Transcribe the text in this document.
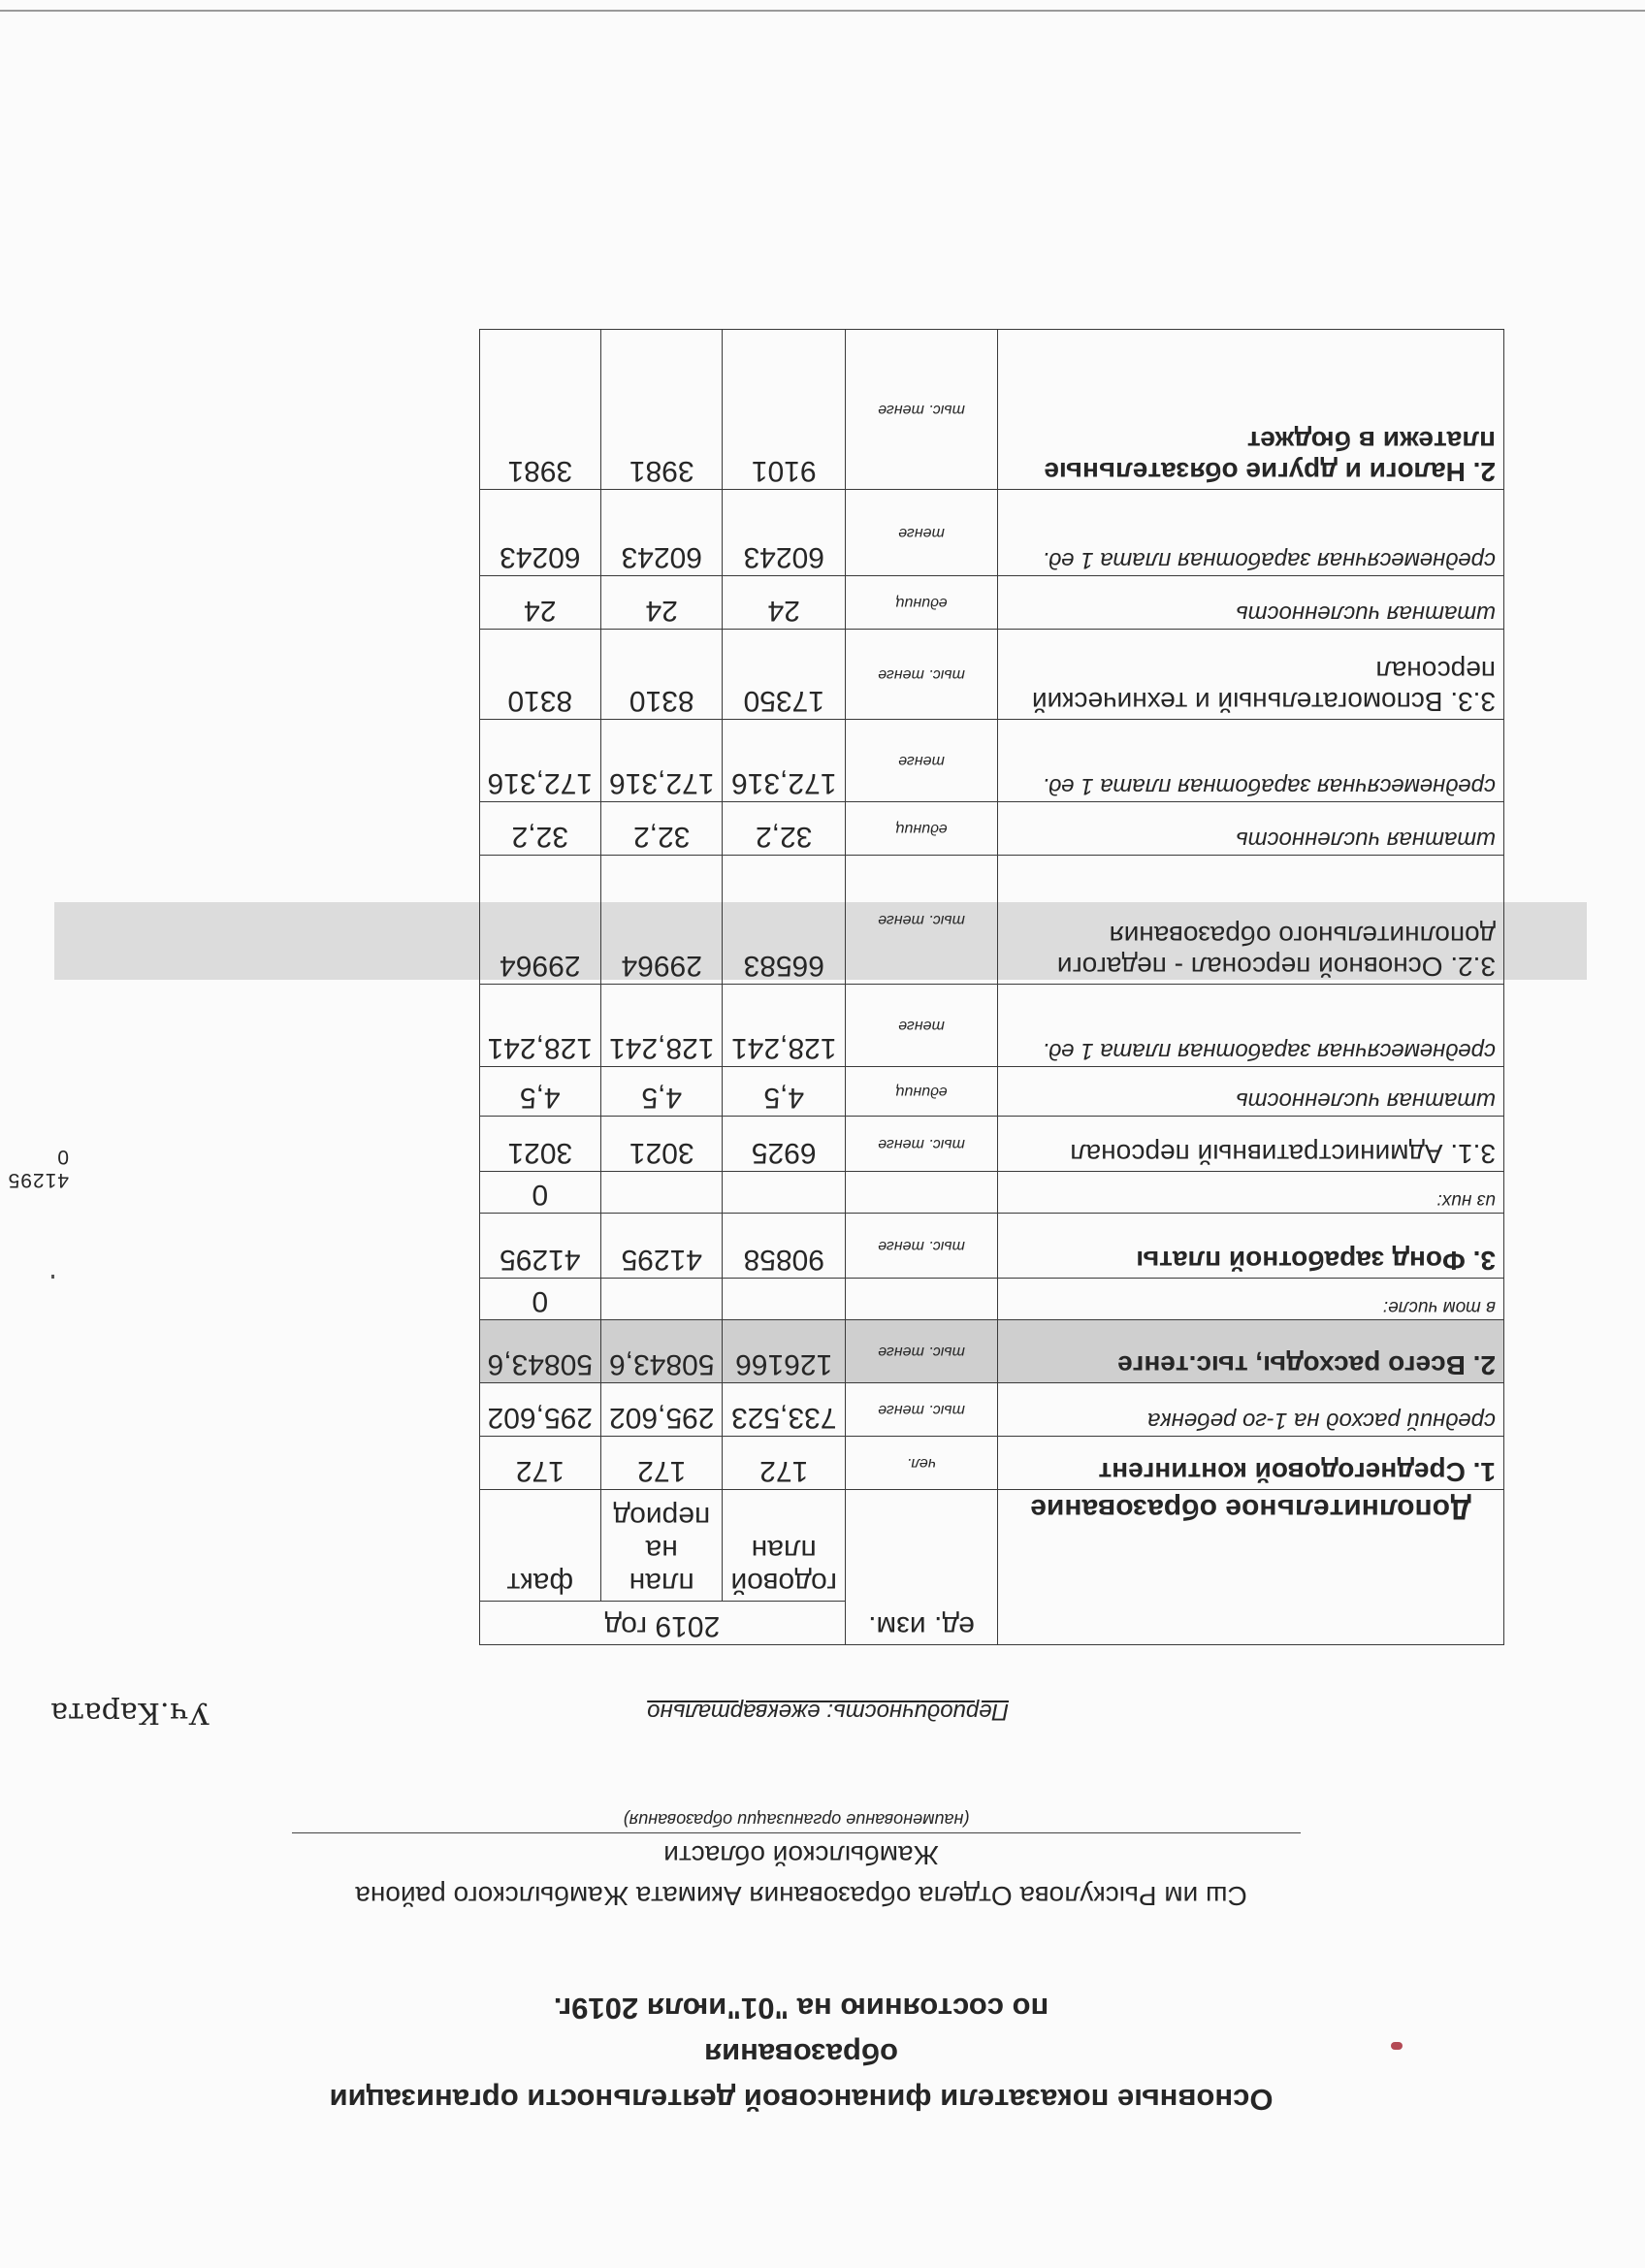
Основные показатели финансовой деятельности организации
образования
по состоянию на "01"июля 2019г.
Сш им Рыскулова Отдела образования Акимата Жамбылского района
Жамбылской области
(наименование организации образования)
Периодичность: ежеквартально
Уч.Карата
41295 0
Дополнительное образование	ед. изм.	2019 год		
		годовой план	план на период	факт
1. Среднегодовой контингент	чел.	172	172	172
средний расход на 1-го ребенка	тыс. тенге	733,523	295,602	295,602
2. Всего расходы, тыс.тенге	тыс. тенге	126166	50843,6	50843,6
в том числе:				0
3. Фонд заработной платы	тыс. тенге	90858	41295	41295
из них:				0
3.1. Административный персонал	тыс. тенге	6925	3021	3021
штатная численность	единиц	4,5	4,5	4,5
среднемесячная заработная плата 1 ед.	тенге	128,241	128,241	128,241
3.2. Основной персонал - педагоги дополнительного образования	тыс. тенге	66583	29964	29964
штатная численность	единиц	32,2	32,2	32,2
среднемесячная заработная плата 1 ед.	тенге	172,316	172,316	172,316
3.3. Вспомогательный и технический персонал	тыс. тенге	17350	8310	8310
штатная численность	единиц	24	24	24
среднемесячная заработная плата 1 ед.	тенге	60243	60243	60243
2. Налоги и другие обязательные платежи в бюджет	тыс. тенге	9101	3981	3981
